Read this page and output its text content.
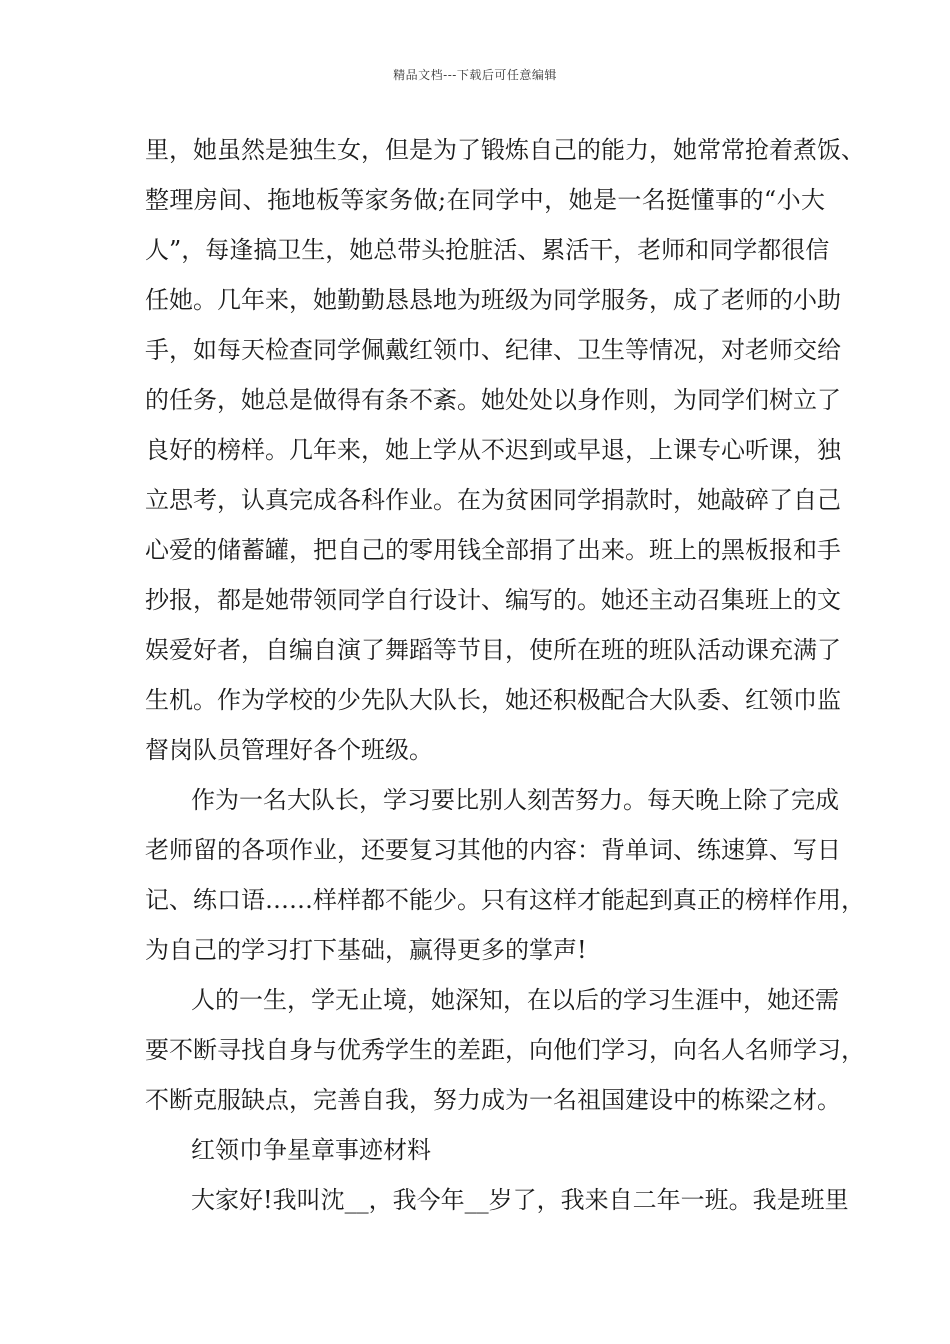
精品文档---下载后可任意编辑
里，她虽然是独生女，但是为了锻炼自己的能力，她常常抢着煮饭、
整理房间、拖地板等家务做;在同学中，她是一名挺懂事的“小大
人”，每逢搞卫生，她总带头抢脏活、累活干，老师和同学都很信
任她。几年来，她勤勤恳恳地为班级为同学服务，成了老师的小助
手，如每天检查同学佩戴红领巾、纪律、卫生等情况，对老师交给
的任务，她总是做得有条不紊。她处处以身作则，为同学们树立了
良好的榜样。几年来，她上学从不迟到或早退，上课专心听课，独
立思考，认真完成各科作业。在为贫困同学捐款时，她敲碎了自己
心爱的储蓄罐，把自己的零用钱全部捐了出来。班上的黑板报和手
抄报，都是她带领同学自行设计、编写的。她还主动召集班上的文
娱爱好者，自编自演了舞蹈等节目，使所在班的班队活动课充满了
生机。作为学校的少先队大队长，她还积极配合大队委、红领巾监
督岗队员管理好各个班级。
作为一名大队长，学习要比别人刻苦努力。每天晚上除了完成
老师留的各项作业，还要复习其他的内容：背单词、练速算、写日
记、练口语……样样都不能少。只有这样才能起到真正的榜样作用，
为自己的学习打下基础，赢得更多的掌声!
人的一生，学无止境，她深知，在以后的学习生涯中，她还需
要不断寻找自身与优秀学生的差距，向他们学习，向名人名师学习，
不断克服缺点，完善自我，努力成为一名祖国建设中的栋梁之材。
红领巾争星章事迹材料
大家好!我叫沈__，我今年__岁了，我来自二年一班。我是班里
